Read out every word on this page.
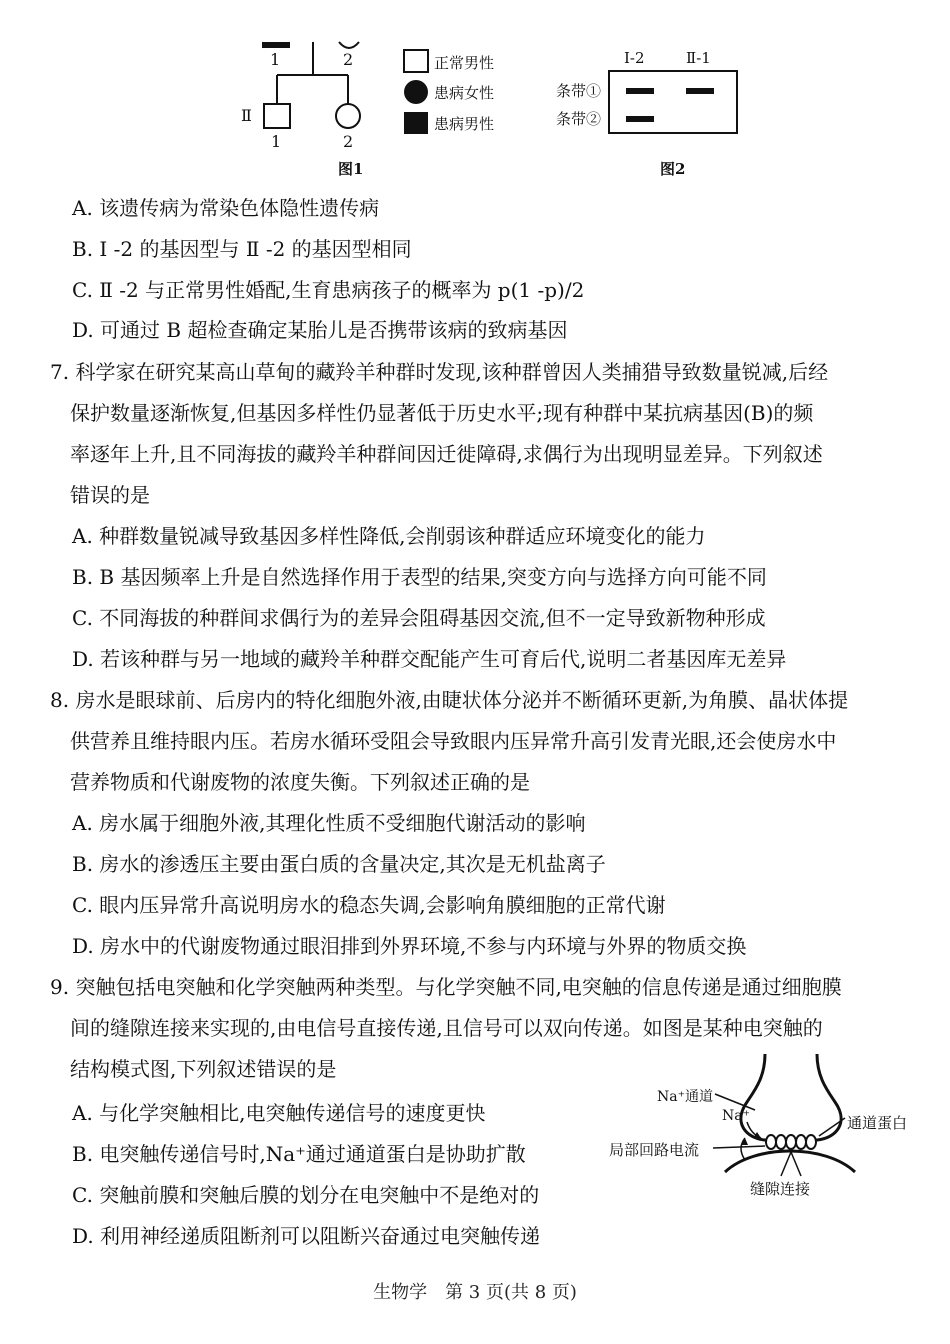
1	2
Ⅱ
1	2
正常男性
患病女性
患病男性
图1
Ⅰ-2	Ⅱ-1
条带①
条带②
图2
A. 该遗传病为常染色体隐性遗传病
B. Ⅰ -2 的基因型与 Ⅱ -2 的基因型相同
C. Ⅱ -2 与正常男性婚配,生育患病孩子的概率为 p(1 -p)/2
D. 可通过 B 超检查确定某胎儿是否携带该病的致病基因
7. 科学家在研究某高山草甸的藏羚羊种群时发现,该种群曾因人类捕猎导致数量锐减,后经
保护数量逐渐恢复,但基因多样性仍显著低于历史水平;现有种群中某抗病基因(B)的频
率逐年上升,且不同海拔的藏羚羊种群间因迁徙障碍,求偶行为出现明显差异。下列叙述
错误的是
A. 种群数量锐减导致基因多样性降低,会削弱该种群适应环境变化的能力
B. B 基因频率上升是自然选择作用于表型的结果,突变方向与选择方向可能不同
C. 不同海拔的种群间求偶行为的差异会阻碍基因交流,但不一定导致新物种形成
D. 若该种群与另一地域的藏羚羊种群交配能产生可育后代,说明二者基因库无差异
8. 房水是眼球前、后房内的特化细胞外液,由睫状体分泌并不断循环更新,为角膜、晶状体提
供营养且维持眼内压。若房水循环受阻会导致眼内压异常升高引发青光眼,还会使房水中
营养物质和代谢废物的浓度失衡。下列叙述正确的是
A. 房水属于细胞外液,其理化性质不受细胞代谢活动的影响
B. 房水的渗透压主要由蛋白质的含量决定,其次是无机盐离子
C. 眼内压异常升高说明房水的稳态失调,会影响角膜细胞的正常代谢
D. 房水中的代谢废物通过眼泪排到外界环境,不参与内环境与外界的物质交换
9. 突触包括电突触和化学突触两种类型。与化学突触不同,电突触的信息传递是通过细胞膜
间的缝隙连接来实现的,由电信号直接传递,且信号可以双向传递。如图是某种电突触的
结构模式图,下列叙述错误的是
A. 与化学突触相比,电突触传递信号的速度更快
B. 电突触传递信号时,Na⁺通过通道蛋白是协助扩散
C. 突触前膜和突触后膜的划分在电突触中不是绝对的
D. 利用神经递质阻断剂可以阻断兴奋通过电突触传递
Na⁺通道
Na⁺	通道蛋白
局部回路电流
缝隙连接
生物学　第 3 页(共 8 页)
